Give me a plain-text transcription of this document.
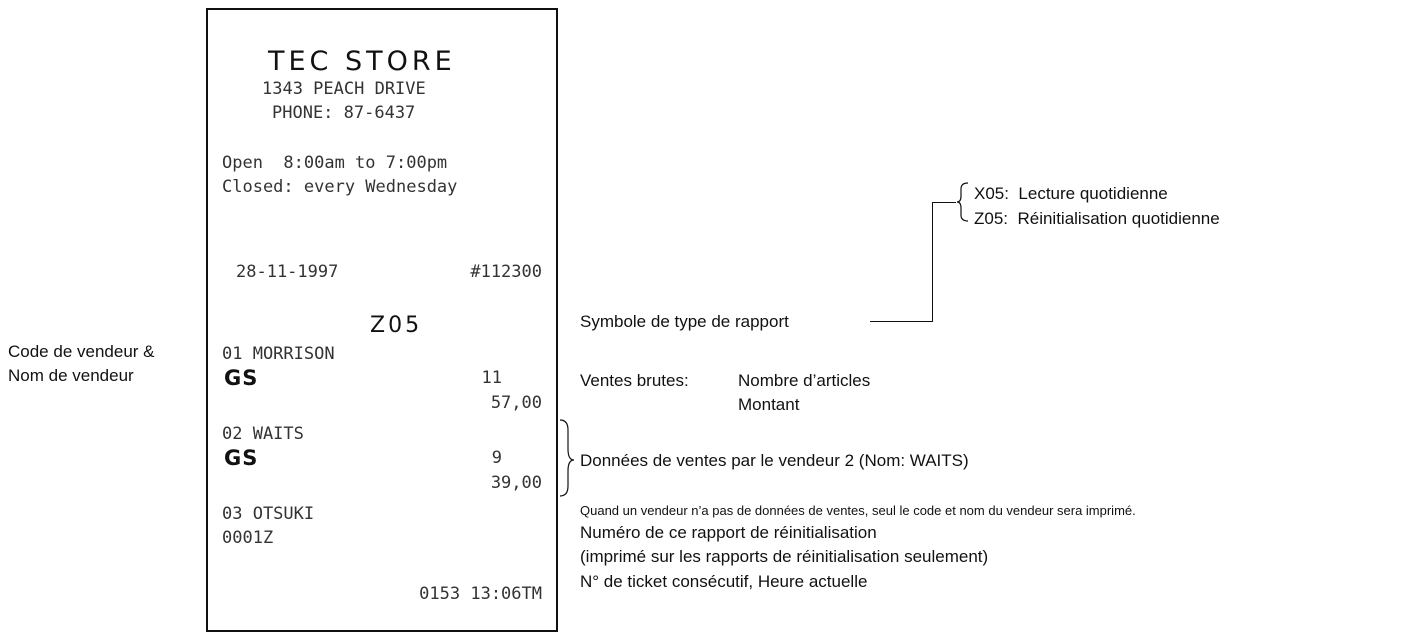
Code de vendeur &
Nom de vendeur
TEC STORE
1343 PEACH DRIVE
PHONE: 87-6437
Open  8:00am to 7:00pm
Closed: every Wednesday
28-11-1997	#112300
Z05
01 MORRISON
GS	11
57,00
02 WAITS
GS	9
39,00
03 OTSUKI
0001Z
0153 13:06TM
X05:  Lecture quotidienne
Z05:  Réinitialisation quotidienne
Symbole de type de rapport
Ventes brutes:	Nombre d’articles
Montant
Données de ventes par le vendeur 2 (Nom: WAITS)
Quand un vendeur n’a pas de données de ventes, seul le code et nom du vendeur sera imprimé.
Numéro de ce rapport de réinitialisation
(imprimé sur les rapports de réinitialisation seulement)
N° de ticket consécutif, Heure actuelle
